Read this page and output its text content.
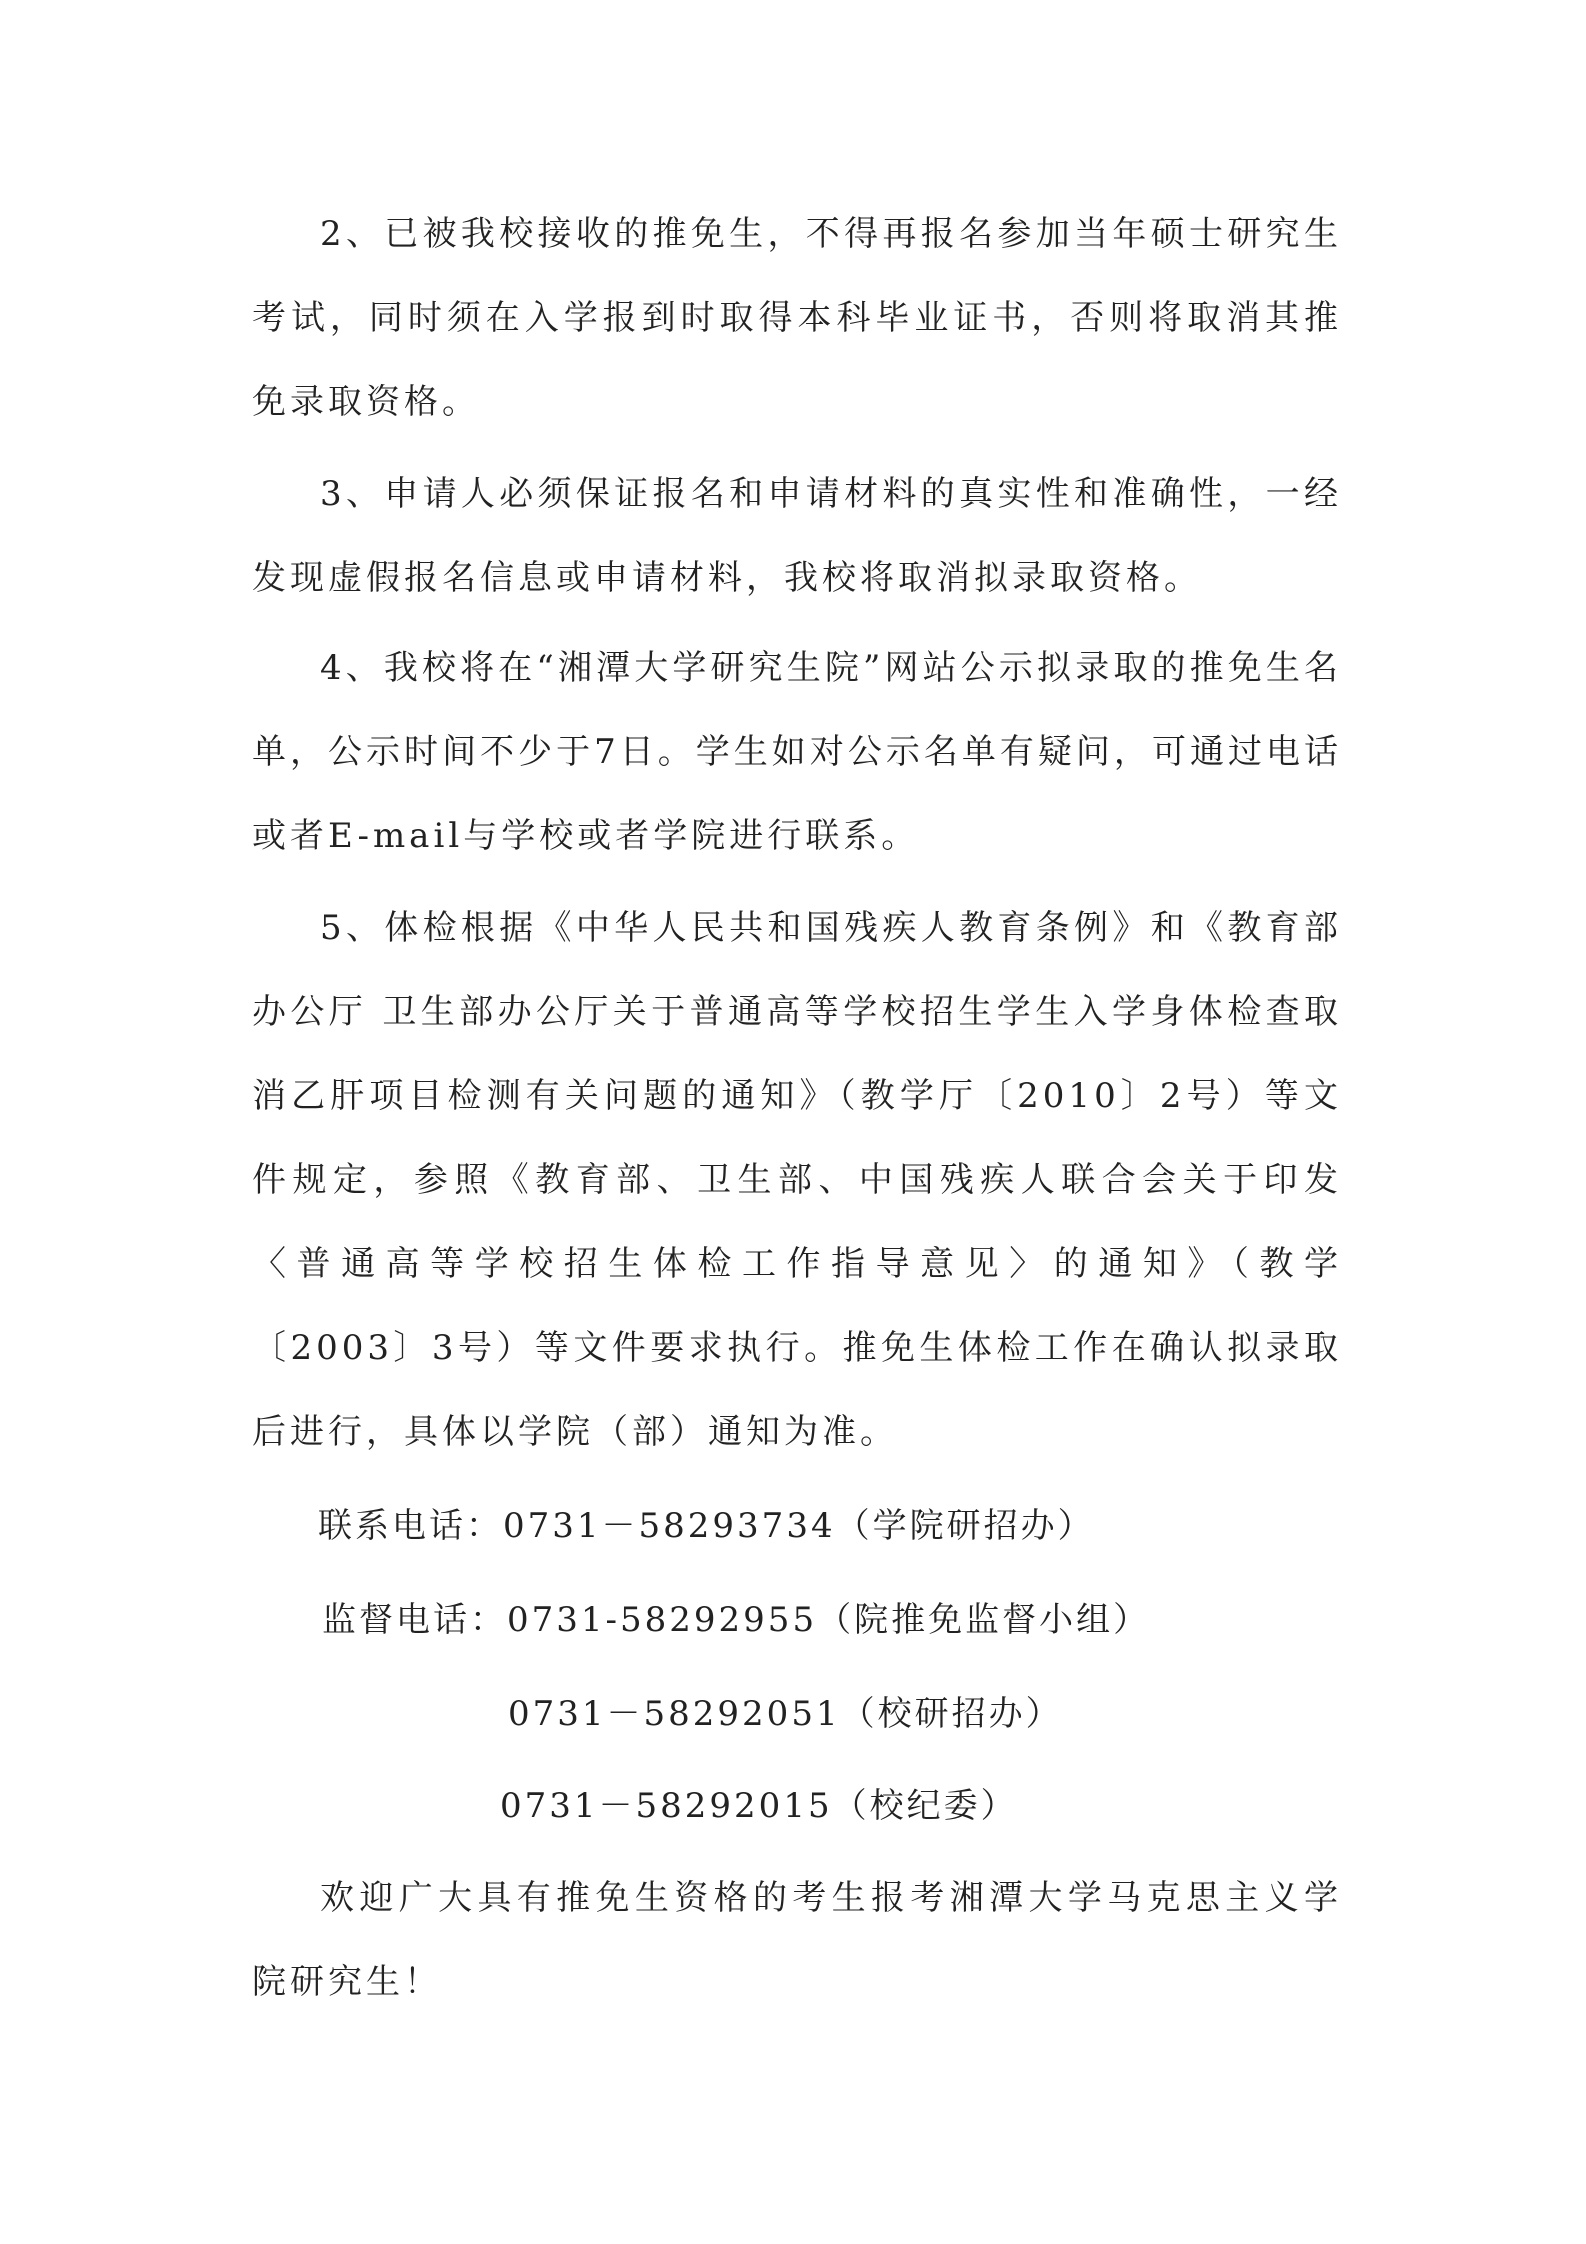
2、已被我校接收的推免生，不得再报名参加当年硕士研究生考试，同时须在入学报到时取得本科毕业证书，否则将取消其推免录取资格。

3、申请人必须保证报名和申请材料的真实性和准确性，一经发现虚假报名信息或申请材料，我校将取消拟录取资格。

4、我校将在“湘潭大学研究生院”网站公示拟录取的推免生名单，公示时间不少于7日。学生如对公示名单有疑问，可通过电话或者E-mail与学校或者学院进行联系。

5、体检根据《中华人民共和国残疾人教育条例》和《教育部办公厅 卫生部办公厅关于普通高等学校招生学生入学身体检查取消乙肝项目检测有关问题的通知》（教学厅〔2010〕2号）等文件规定，参照《教育部、卫生部、中国残疾人联合会关于印发〈普通高等学校招生体检工作指导意见〉的通知》（教学〔2003〕3号）等文件要求执行。推免生体检工作在确认拟录取后进行，具体以学院（部）通知为准。

联系电话：0731－58293734（学院研招办）
监督电话：0731-58292955（院推免监督小组）
0731－58292051（校研招办）
0731－58292015（校纪委）

欢迎广大具有推免生资格的考生报考湘潭大学马克思主义学院研究生！
